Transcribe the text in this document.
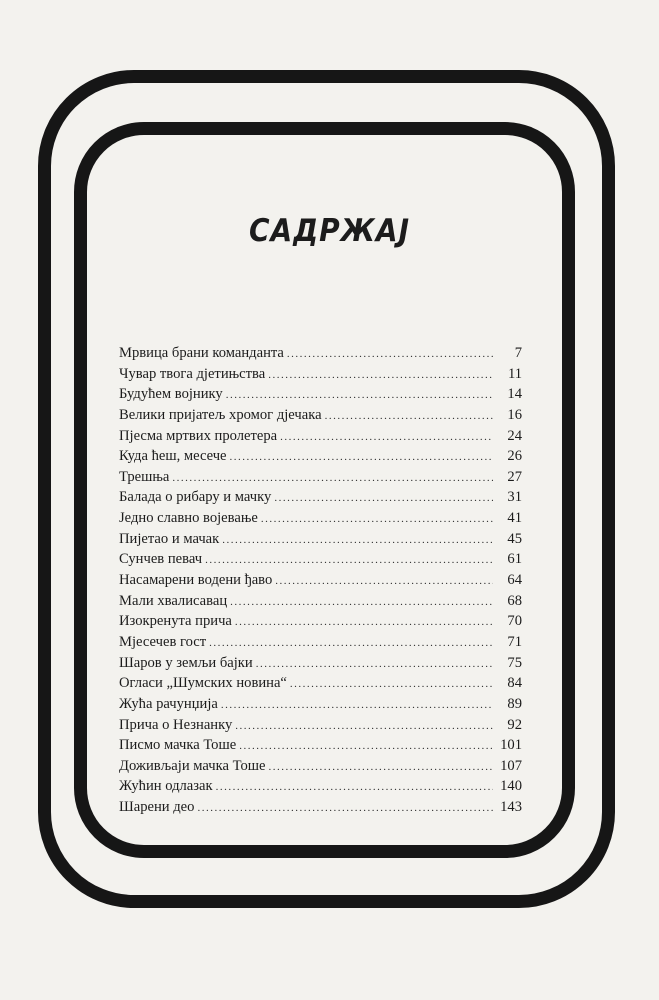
САДРЖАЈ
Мрвица брани команданта .....	7
Чувар твога дјетињства .....	11
Будућем војнику .....	14
Велики пријатељ хромог дјечака .....	16
Пјесма мртвих пролетера .....	24
Куда ћеш, месече .....	26
Трешња .....	27
Балада о рибару и мачку .....	31
Једно славно војевање .....	41
Пијетао и мачак .....	45
Сунчев певач .....	61
Насамарени водени ђаво .....	64
Мали хвалисавац .....	68
Изокренута прича .....	70
Мјесечев гост .....	71
Шаров у земљи бајки .....	75
Огласи „Шумских новина“ .....	84
Жућа рачунџија .....	89
Прича о Незнанку .....	92
Писмо мачка Тоше .....	101
Доживљаји мачка Тоше .....	107
Жућин одлазак .....	140
Шарени део .....	143
